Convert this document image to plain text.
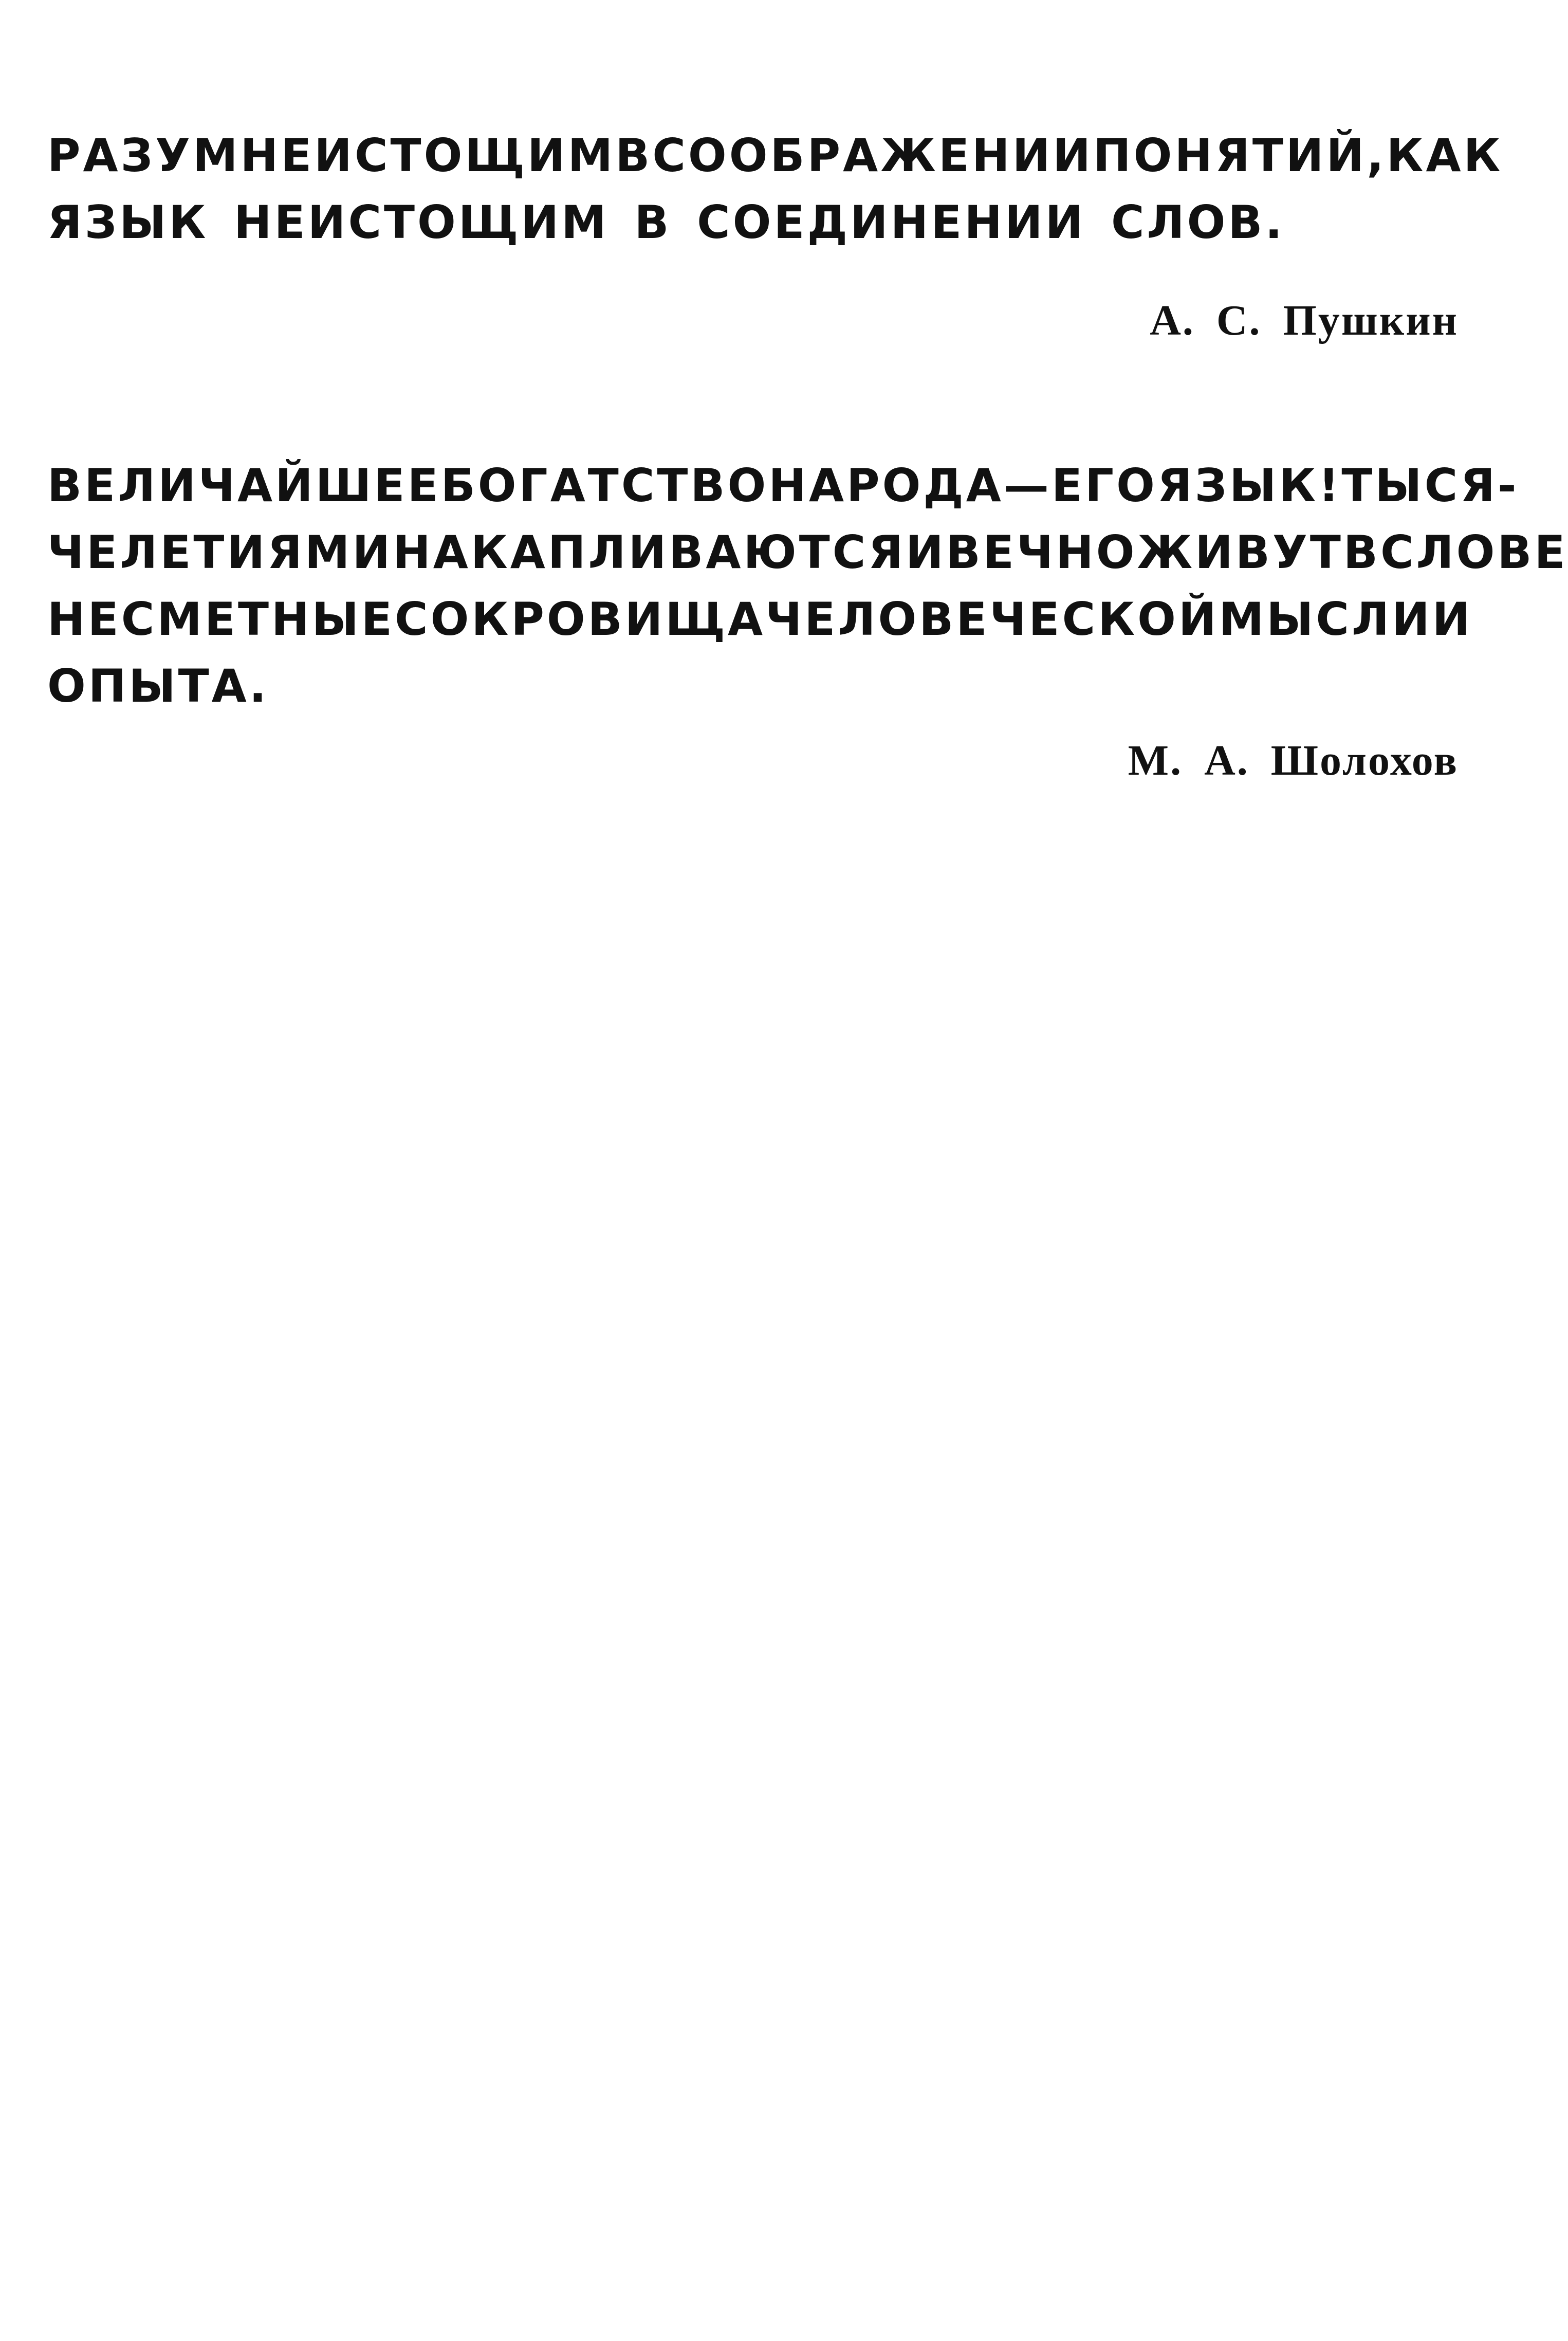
РАЗУМ НЕИСТОЩИМ В СООБРАЖЕНИИ ПОНЯТИЙ, КАК
ЯЗЫК НЕИСТОЩИМ В СОЕДИНЕНИИ СЛОВ.
А. С. Пушкин
ВЕЛИЧАЙШЕЕ БОГАТСТВО НАРОДА — ЕГО ЯЗЫК! ТЫСЯ-
ЧЕЛЕТИЯМИ НАКАПЛИВАЮТСЯ И ВЕЧНО ЖИВУТ В СЛОВЕ
НЕСМЕТНЫЕ СОКРОВИЩА ЧЕЛОВЕЧЕСКОЙ МЫСЛИ И
ОПЫТА.
М. А. Шолохов
